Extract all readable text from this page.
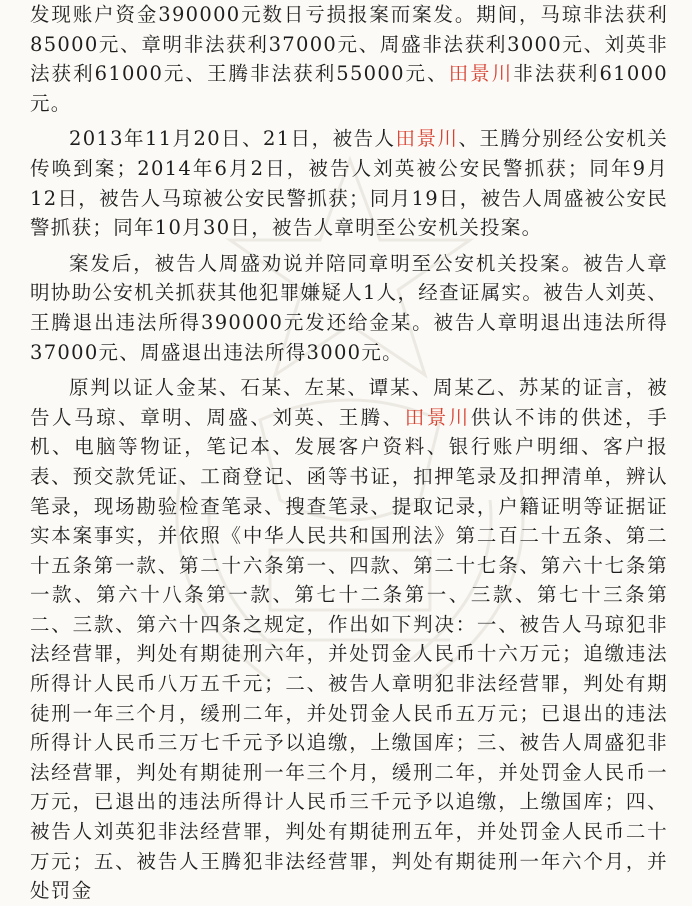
发现账户资金390000元数日亏损报案而案发。期间，马琼非法获利85000元、章明非法获利37000元、周盛非法获利3000元、刘英非法获利61000元、王腾非法获利55000元、田景川非法获利61000元。

2013年11月20日、21日，被告人田景川、王腾分别经公安机关传唤到案；2014年6月2日，被告人刘英被公安民警抓获；同年9月12日，被告人马琼被公安民警抓获；同月19日，被告人周盛被公安民警抓获；同年10月30日，被告人章明至公安机关投案。

案发后，被告人周盛劝说并陪同章明至公安机关投案。被告人章明协助公安机关抓获其他犯罪嫌疑人1人，经查证属实。被告人刘英、王腾退出违法所得390000元发还给金某。被告人章明退出违法所得37000元、周盛退出违法所得3000元。

原判以证人金某、石某、左某、谭某、周某乙、苏某的证言，被告人马琼、章明、周盛、刘英、王腾、田景川供认不讳的供述，手机、电脑等物证，笔记本、发展客户资料、银行账户明细、客户报表、预交款凭证、工商登记、函等书证，扣押笔录及扣押清单，辨认笔录，现场勘验检查笔录、搜查笔录、提取记录，户籍证明等证据证实本案事实，并依照《中华人民共和国刑法》第二百二十五条、第二十五条第一款、第二十六条第一、四款、第二十七条、第六十七条第一款、第六十八条第一款、第七十二条第一、三款、第七十三条第二、三款、第六十四条之规定，作出如下判决：一、被告人马琼犯非法经营罪，判处有期徒刑六年，并处罚金人民币十六万元；追缴违法所得计人民币八万五千元；二、被告人章明犯非法经营罪，判处有期徒刑一年三个月，缓刑二年，并处罚金人民币五万元；已退出的违法所得计人民币三万七千元予以追缴，上缴国库；三、被告人周盛犯非法经营罪，判处有期徒刑一年三个月，缓刑二年，并处罚金人民币一万元，已退出的违法所得计人民币三千元予以追缴，上缴国库；四、被告人刘英犯非法经营罪，判处有期徒刑五年，并处罚金人民币二十万元；五、被告人王腾犯非法经营罪，判处有期徒刑一年六个月，并处罚金
